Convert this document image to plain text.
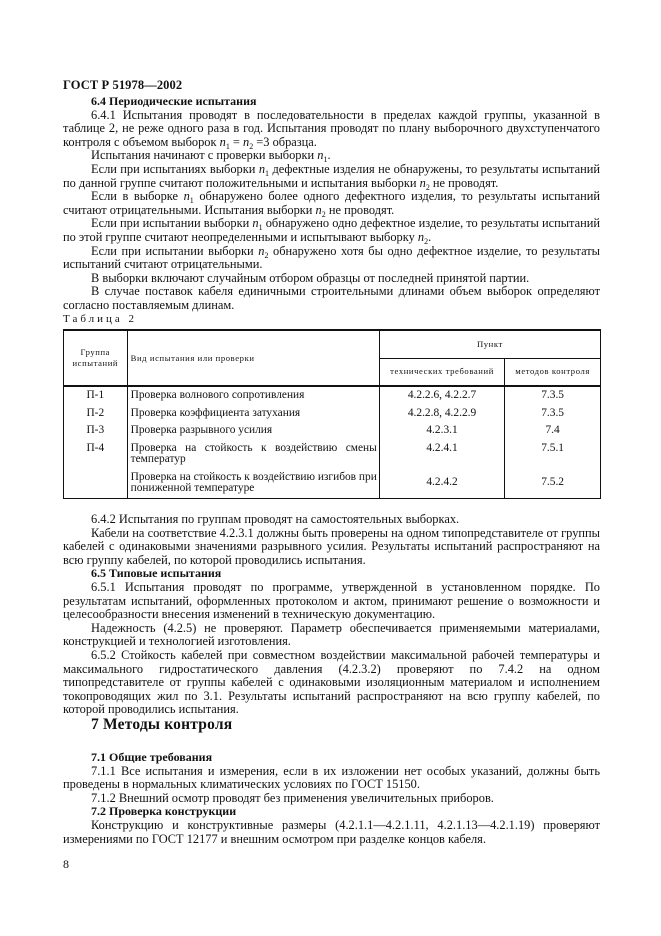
ГОСТ Р 51978—2002

6.4 Периодические испытания

6.4.1 Испытания проводят в последовательности в пределах каждой группы, указанной в таблице 2, не реже одного раза в год. Испытания проводят по плану выборочного двухступенчатого контроля с объемом выборок $n_1 = n_2 =3$ образца.

Испытания начинают с проверки выборки $n_1$.

Если при испытаниях выборки $n_1$ дефектные изделия не обнаружены, то результаты испытаний по данной группе считают положительными и испытания выборки $n_2$ не проводят.

Если в выборке $n_1$ обнаружено более одного дефектного изделия, то результаты испытаний считают отрицательными. Испытания выборки $n_2$ не проводят.

Если при испытании выборки $n_1$ обнаружено одно дефектное изделие, то результаты испытаний по этой группе считают неопределенными и испытывают выборку $n_2$.

Если при испытании выборки $n_2$ обнаружено хотя бы одно дефектное изделие, то результаты испытаний считают отрицательными.

В выборки включают случайным отбором образцы от последней принятой партии.

В случае поставок кабеля единичными строительными длинами объем выборок определяют согласно поставляемым длинам.

Таблица 2
Группа испытаний	Вид испытания или проверки	Пункт	
		технических требований	методов контроля
П-1	Проверка волнового сопротивления	4.2.2.6, 4.2.2.7	7.3.5
П-2	Проверка коэффициента затухания	4.2.2.8, 4.2.2.9	7.3.5
П-3	Проверка разрывного усилия	4.2.3.1	7.4
П-4	Проверка на стойкость к воздействию смены температур	4.2.4.1	7.5.1
	Проверка на стойкость к воздействию изгибов при пониженной температуре	4.2.4.2	7.5.2

6.4.2 Испытания по группам проводят на самостоятельных выборках.

Кабели на соответствие 4.2.3.1 должны быть проверены на одном типопредставителе от группы кабелей с одинаковыми значениями разрывного усилия. Результаты испытаний распространяют на всю группу кабелей, по которой проводились испытания.

6.5 Типовые испытания

6.5.1 Испытания проводят по программе, утвержденной в установленном порядке. По результатам испытаний, оформленных протоколом и актом, принимают решение о возможности и целесообразности внесения изменений в техническую документацию.

Надежность (4.2.5) не проверяют. Параметр обеспечивается применяемыми материалами, конструкцией и технологией изготовления.

6.5.2 Стойкость кабелей при совместном воздействии максимальной рабочей температуры и максимального гидростатического давления (4.2.3.2) проверяют по 7.4.2 на одном типопредставителе от группы кабелей с одинаковыми изоляционным материалом и исполнением токопроводящих жил по 3.1. Результаты испытаний распространяют на всю группу кабелей, по которой проводились испытания.

7 Методы контроля

7.1 Общие требования

7.1.1 Все испытания и измерения, если в их изложении нет особых указаний, должны быть проведены в нормальных климатических условиях по ГОСТ 15150.

7.1.2 Внешний осмотр проводят без применения увеличительных приборов.

7.2 Проверка конструкции

Конструкцию и конструктивные размеры (4.2.1.1—4.2.1.11, 4.2.1.13—4.2.1.19) проверяют измерениями по ГОСТ 12177 и внешним осмотром при разделке концов кабеля.

8
